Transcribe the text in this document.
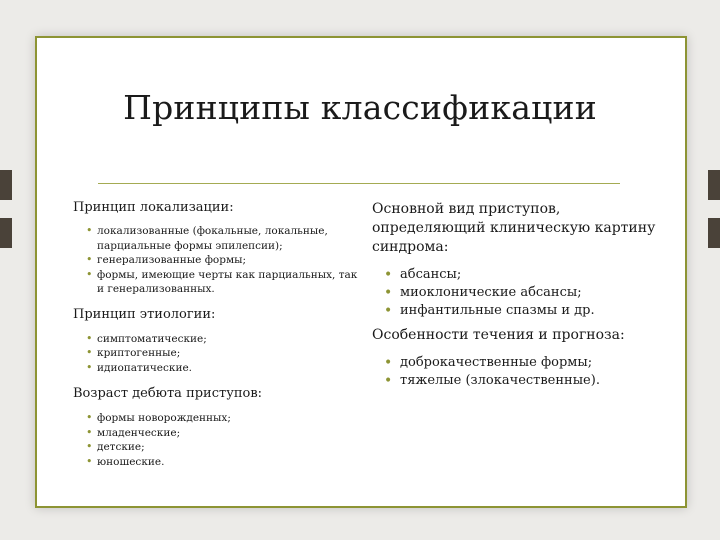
Принципы классификации

Принцип локализации:

• локализованные (фокальные, локальные, парциальные формы эпилепсии);
• генерализованные формы;
• формы, имеющие черты как парциальных, так и генерализованных.

Принцип этиологии:

• симптоматические;
• криптогенные;
• идиопатические.

Возраст дебюта приступов:

• формы новорожденных;
• младенческие;
• детские;
• юношеские.

Основной вид приступов, определяющий клиническую картину синдрома:

• абсансы;
• миоклонические абсансы;
• инфантильные спазмы и др.

Особенности течения и прогноза:

• доброкачественные формы;
• тяжелые (злокачественные).
